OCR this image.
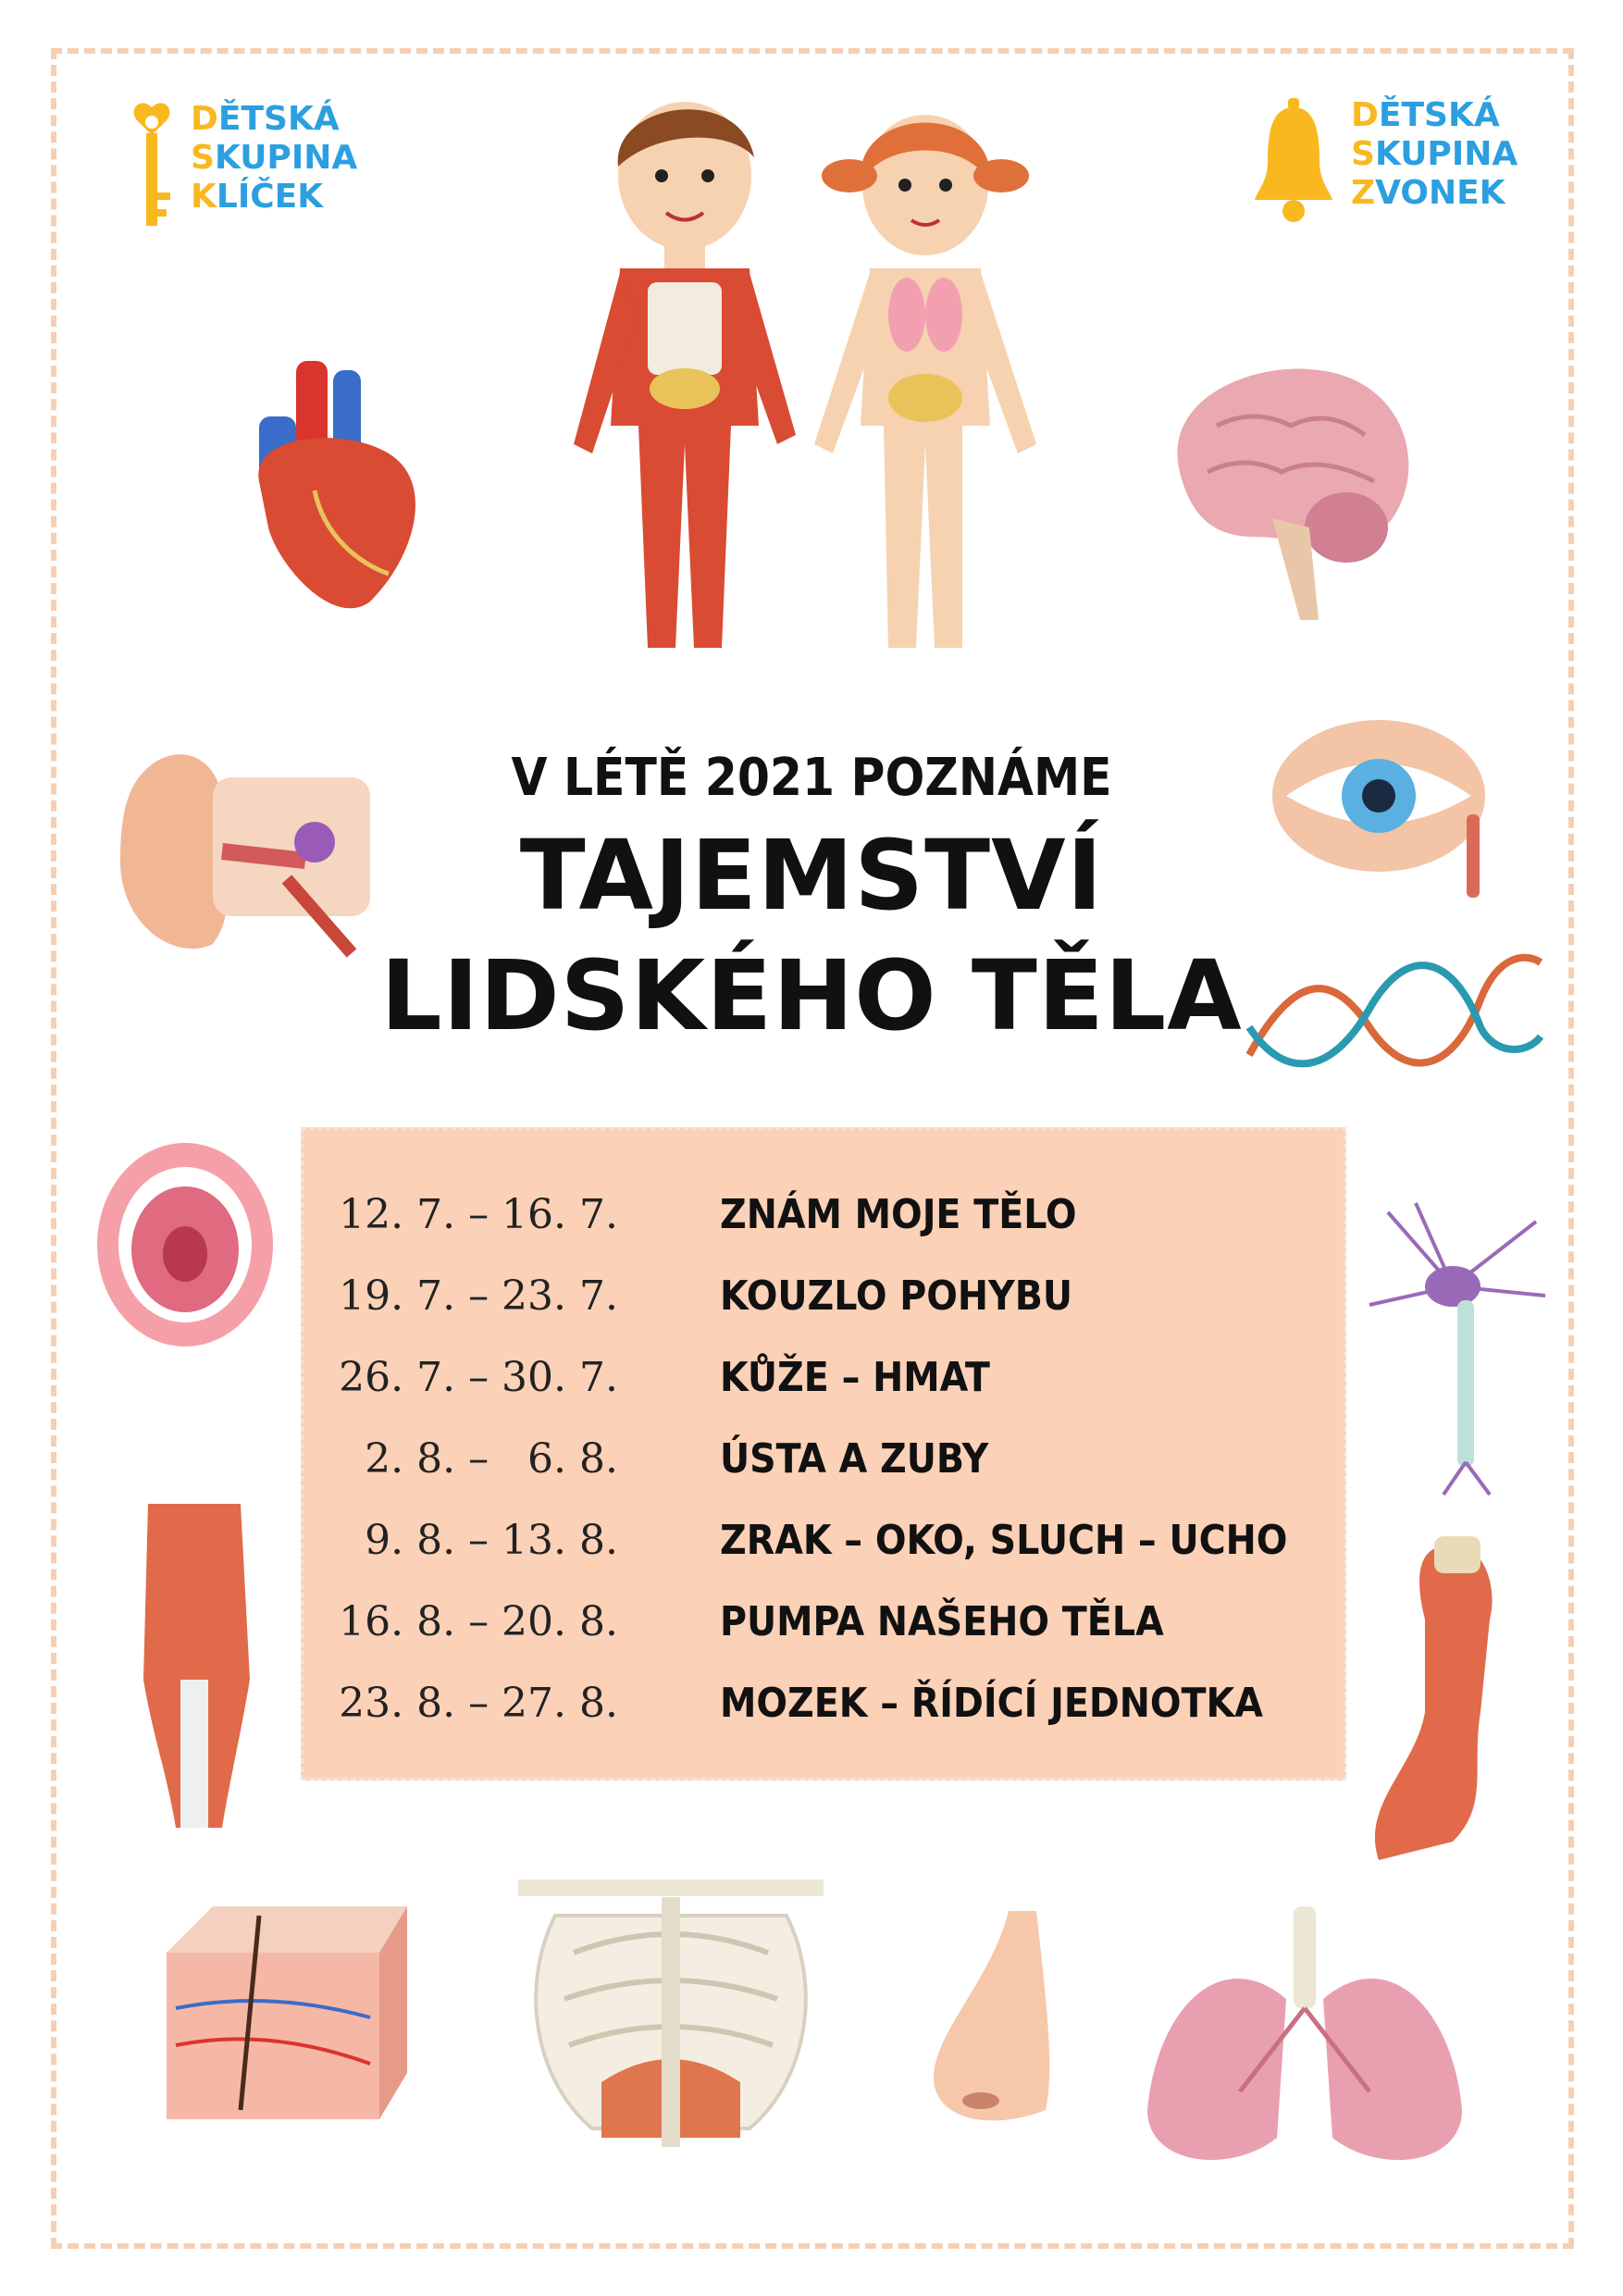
DĚTSKÁ
SKUPINA
KLÍČEK
DĚTSKÁ
SKUPINA
ZVONEK
V LÉTĚ 2021 POZNÁME
TAJEMSTVÍ
LIDSKÉHO TĚLA
12. 7. – 16. 7.	ZNÁM MOJE TĚLO
19. 7. – 23. 7.	KOUZLO POHYBU
26. 7. – 30. 7.	KŮŽE – HMAT
2. 8. –   6. 8.	ÚSTA A ZUBY
9. 8. – 13. 8.	ZRAK – OKO, SLUCH – UCHO
16. 8. – 20. 8.	PUMPA NAŠEHO TĚLA
23. 8. – 27. 8.	MOZEK – ŘÍDÍCÍ JEDNOTKA
